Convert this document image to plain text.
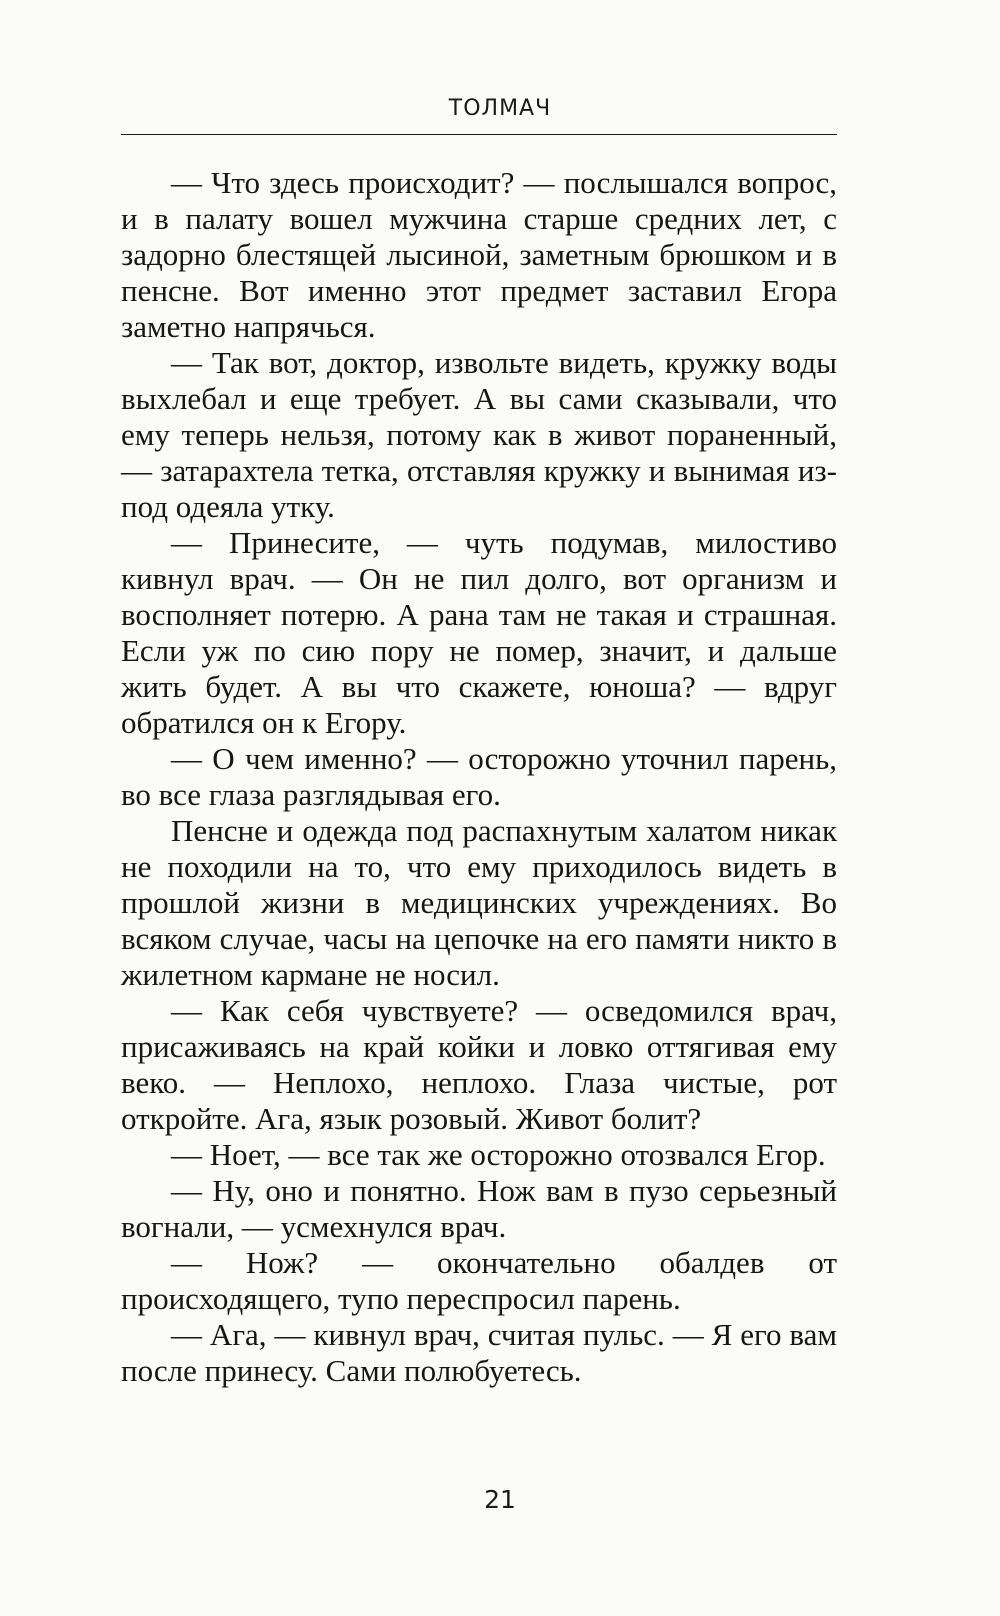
ТОЛМАЧ

— Что здесь происходит? — послышался вопрос, и в палату вошел мужчина старше средних лет, с задорно блестящей лысиной, заметным брюшком и в пенсне. Вот именно этот предмет заставил Егора заметно напрячься.

— Так вот, доктор, извольте видеть, кружку воды выхлебал и еще требует. А вы сами сказывали, что ему теперь нельзя, потому как в живот пораненный, — затарахтела тетка, отставляя кружку и вынимая из-под одеяла утку.

— Принесите, — чуть подумав, милостиво кивнул врач. — Он не пил долго, вот организм и восполняет потерю. А рана там не такая и страшная. Если уж по сию пору не помер, значит, и дальше жить будет. А вы что скажете, юноша? — вдруг обратился он к Егору.

— О чем именно? — осторожно уточнил парень, во все глаза разглядывая его.

Пенсне и одежда под распахнутым халатом никак не походили на то, что ему приходилось видеть в прошлой жизни в медицинских учреждениях. Во всяком случае, часы на цепочке на его памяти никто в жилетном кармане не носил.

— Как себя чувствуете? — осведомился врач, присаживаясь на край койки и ловко оттягивая ему веко. — Неплохо, неплохо. Глаза чистые, рот откройте. Ага, язык розовый. Живот болит?

— Ноет, — все так же осторожно отозвался Егор.

— Ну, оно и понятно. Нож вам в пузо серьезный вогнали, — усмехнулся врач.

— Нож? — окончательно обалдев от происходящего, тупо переспросил парень.

— Ага, — кивнул врач, считая пульс. — Я его вам после принесу. Сами полюбуетесь.

21
